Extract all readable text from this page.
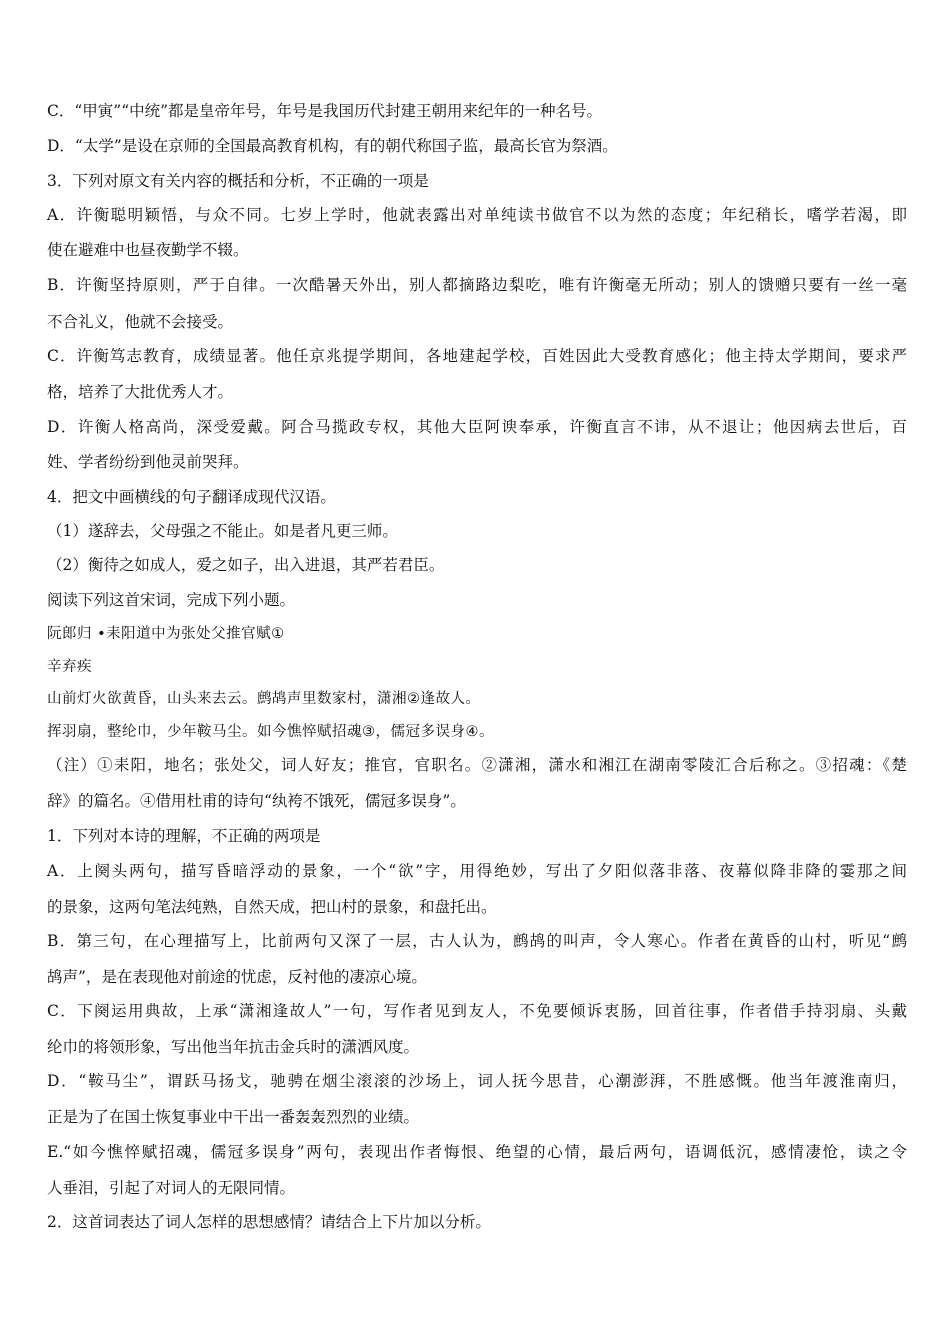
C．“甲寅”“中统”都是皇帝年号，年号是我国历代封建王朝用来纪年的一种名号。
D．“太学”是设在京师的全国最高教育机构，有的朝代称国子监，最高长官为祭酒。
3．下列对原文有关内容的概括和分析，不正确的一项是
A．许衡聪明颖悟，与众不同。七岁上学时，他就表露出对单纯读书做官不以为然的态度；年纪稍长，嗜学若渴，即
使在避难中也昼夜勤学不辍。
B．许衡坚持原则，严于自律。一次酷暑天外出，别人都摘路边梨吃，唯有许衡毫无所动；别人的馈赠只要有一丝一毫
不合礼义，他就不会接受。
C．许衡笃志教育，成绩显著。他任京兆提学期间，各地建起学校，百姓因此大受教育感化；他主持太学期间，要求严
格，培养了大批优秀人才。
D．许衡人格高尚，深受爱戴。阿合马揽政专权，其他大臣阿谀奉承，许衡直言不讳，从不退让；他因病去世后，百
姓、学者纷纷到他灵前哭拜。
4．把文中画横线的句子翻译成现代汉语。
（1）遂辞去，父母强之不能止。如是者凡更三师。
（2）衡待之如成人，爱之如子，出入进退，其严若君臣。
阅读下列这首宋词，完成下列小题。
阮郎归 •耒阳道中为张处父推官赋①
辛弃疾
山前灯火欲黄昏，山头来去云。鹧鸪声里数家村，潇湘②逢故人。
挥羽扇，整纶巾，少年鞍马尘。如今憔悴赋招魂③，儒冠多误身④。
（注）①耒阳，地名；张处父，词人好友；推官，官职名。②潇湘，潇水和湘江在湖南零陵汇合后称之。③招魂：《楚
辞》的篇名。④借用杜甫的诗句“纨袴不饿死，儒冠多误身”。
1．下列对本诗的理解，不正确的两项是
A．上阕头两句，描写昏暗浮动的景象，一个“欲”字，用得绝妙，写出了夕阳似落非落、夜幕似降非降的霎那之间
的景象，这两句笔法纯熟，自然天成，把山村的景象，和盘托出。
B．第三句，在心理描写上，比前两句又深了一层，古人认为，鹧鸪的叫声，令人寒心。作者在黄昏的山村，听见“鹧
鸪声”，是在表现他对前途的忧虑，反衬他的凄凉心境。
C．下阕运用典故，上承“潇湘逢故人”一句，写作者见到友人，不免要倾诉衷肠，回首往事，作者借手持羽扇、头戴
纶巾的将领形象，写出他当年抗击金兵时的潇洒风度。
D．“鞍马尘”，谓跃马扬戈，驰骋在烟尘滚滚的沙场上，词人抚今思昔，心潮澎湃，不胜感慨。他当年渡淮南归，
正是为了在国土恢复事业中干出一番轰轰烈烈的业绩。
E.“如今憔悴赋招魂，儒冠多误身”两句，表现出作者悔恨、绝望的心情，最后两句，语调低沉，感情凄怆，读之令
人垂泪，引起了对词人的无限同情。
2．这首词表达了词人怎样的思想感情？请结合上下片加以分析。
